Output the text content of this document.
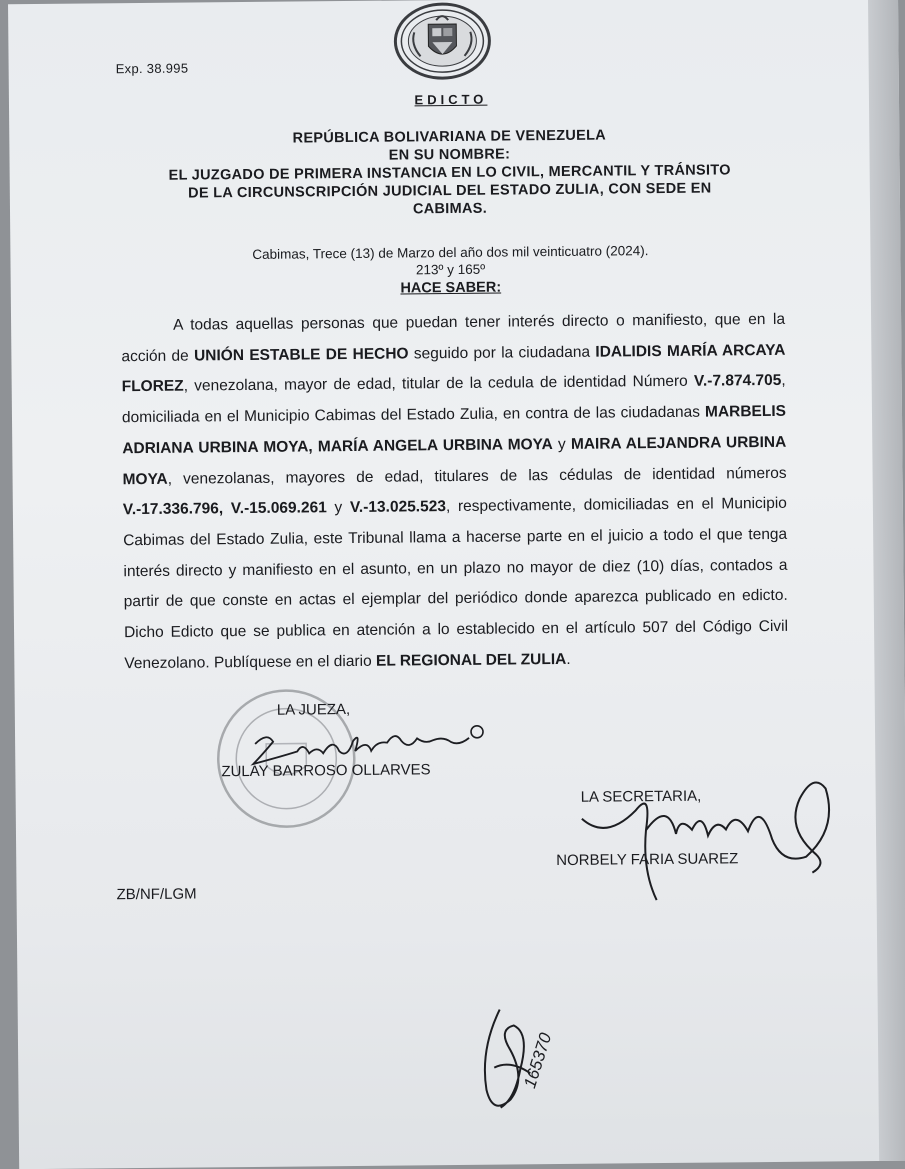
Exp. 38.995
EDICTO
REPÚBLICA BOLIVARIANA DE VENEZUELA
EN SU NOMBRE:
EL JUZGADO DE PRIMERA INSTANCIA EN LO CIVIL, MERCANTIL Y TRÁNSITO
DE LA CIRCUNSCRIPCIÓN JUDICIAL DEL ESTADO ZULIA, CON SEDE EN
CABIMAS.
Cabimas, Trece (13) de Marzo del año dos mil veinticuatro (2024).
213º y 165º
HACE SABER:

A todas aquellas personas que puedan tener interés directo o manifiesto, que en la acción de UNIÓN ESTABLE DE HECHO seguido por la ciudadana IDALIDIS MARÍA ARCAYA FLOREZ, venezolana, mayor de edad, titular de la cedula de identidad Número V.-7.874.705, domiciliada en el Municipio Cabimas del Estado Zulia, en contra de las ciudadanas MARBELIS ADRIANA URBINA MOYA, MARÍA ANGELA URBINA MOYA y MAIRA ALEJANDRA URBINA MOYA, venezolanas, mayores de edad, titulares de las cédulas de identidad números V.-17.336.796, V.-15.069.261 y V.-13.025.523, respectivamente, domiciliadas en el Municipio Cabimas del Estado Zulia, este Tribunal llama a hacerse parte en el juicio a todo el que tenga interés directo y manifiesto en el asunto, en un plazo no mayor de diez (10) días, contados a partir de que conste en actas el ejemplar del periódico donde aparezca publicado en edicto. Dicho Edicto que se publica en atención a lo establecido en el artículo 507 del Código Civil Venezolano. Publíquese en el diario EL REGIONAL DEL ZULIA.

LA JUEZA,
ZULAY BARROSO OLLARVES
LA SECRETARIA,
NORBELY FARIA SUAREZ
ZB/NF/LGM
165370
